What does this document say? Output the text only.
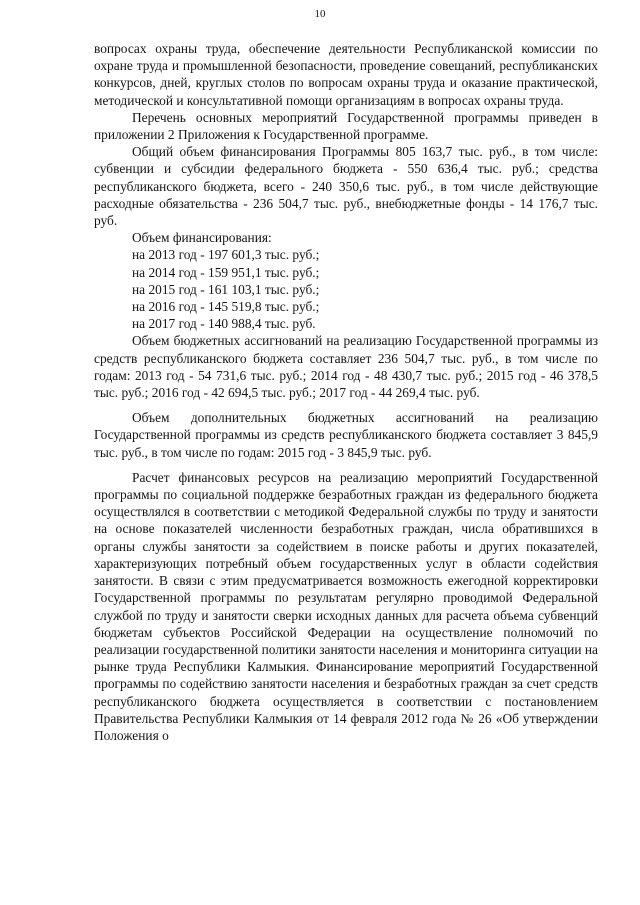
10

вопросах охраны труда, обеспечение деятельности Республиканской комиссии по охране труда и промышленной безопасности, проведение совещаний, республиканских конкурсов, дней, круглых столов по вопросам охраны труда и оказание практической, методической и консультативной помощи организациям в вопросах охраны труда.

Перечень основных мероприятий Государственной программы приведен в приложении 2 Приложения к Государственной программе.

Общий объем финансирования Программы 805 163,7 тыс. руб., в том числе: субвенции и субсидии федерального бюджета - 550 636,4 тыс. руб.; средства республиканского бюджета, всего - 240 350,6 тыс. руб., в том числе действующие расходные обязательства - 236 504,7 тыс. руб., внебюджетные фонды - 14 176,7 тыс. руб.

Объем финансирования:

на 2013 год - 197 601,3 тыс. руб.;

на 2014 год - 159 951,1 тыс. руб.;

на 2015 год - 161 103,1 тыс. руб.;

на 2016 год - 145 519,8 тыс. руб.;

на 2017 год - 140 988,4 тыс. руб.

Объем бюджетных ассигнований на реализацию Государственной программы из средств республиканского бюджета составляет 236 504,7 тыс. руб., в том числе по годам: 2013 год - 54 731,6 тыс. руб.; 2014 год - 48 430,7 тыс. руб.; 2015 год - 46 378,5 тыс. руб.; 2016 год - 42 694,5 тыс. руб.; 2017 год - 44 269,4 тыс. руб.

Объем дополнительных бюджетных ассигнований на реализацию Государственной программы из средств республиканского бюджета составляет 3 845,9 тыс. руб., в том числе по годам: 2015 год - 3 845,9 тыс. руб.

Расчет финансовых ресурсов на реализацию мероприятий Государственной программы по социальной поддержке безработных граждан из федерального бюджета осуществлялся в соответствии с методикой Федеральной службы по труду и занятости на основе показателей численности безработных граждан, числа обратившихся в органы службы занятости за содействием в поиске работы и других показателей, характеризующих потребный объем государственных услуг в области содействия занятости. В связи с этим предусматривается возможность ежегодной корректировки Государственной программы по результатам регулярно проводимой Федеральной службой по труду и занятости сверки исходных данных для расчета объема субвенций бюджетам субъектов Российской Федерации на осуществление полномочий по реализации государственной политики занятости населения и мониторинга ситуации на рынке труда Республики Калмыкия. Финансирование мероприятий Государственной программы по содействию занятости населения и безработных граждан за счет средств республиканского бюджета осуществляется в соответствии с постановлением Правительства Республики Калмыкия от 14 февраля 2012 года № 26 «Об утверждении Положения о
